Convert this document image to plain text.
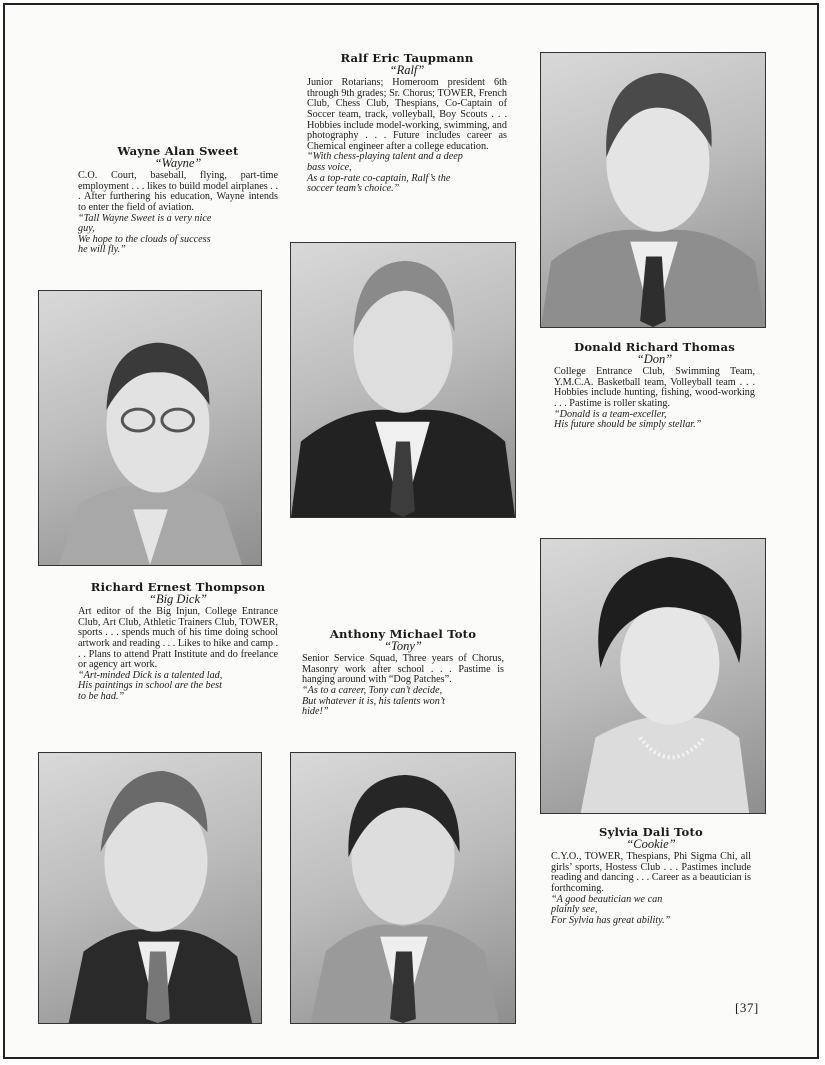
Wayne Alan Sweet
“Wayne”
C.O. Court, baseball, flying, part-time employment . . . likes to build model airplanes . . . After furthering his education, Wayne intends to enter the field of aviation.
“Tall Wayne Sweet is a very nice
guy,
We hope to the clouds of success
he will fly.”
Ralf Eric Taupmann
“Ralf”
Junior Rotarians; Homeroom president 6th through 9th grades; Sr. Chorus; TOWER, French Club, Chess Club, Thespians, Co-Captain of Soccer team, track, volleyball, Boy Scouts . . . Hobbies include model-working, swimming, and photography . . . Future includes career as Chemical engineer after a college education.
“With chess-playing talent and a deep
bass voice,
As a top-rate co-captain, Ralf’s the
soccer team’s choice.”
Donald Richard Thomas
“Don”
College Entrance Club, Swimming Team, Y.M.C.A. Basketball team, Volleyball team . . . Hobbies include hunting, fishing, wood-working . . . Pastime is roller skating.
“Donald is a team-exceller,
His future should be simply stellar.”
Richard Ernest Thompson
“Big Dick”
Art editor of the Big Injun, College Entrance Club, Art Club, Athletic Trainers Club, TOWER, sports . . . spends much of his time doing school artwork and reading . . . Likes to hike and camp . . . Plans to attend Pratt Institute and do freelance or agency art work.
“Art-minded Dick is a talented lad,
His paintings in school are the best
to be had.”
Anthony Michael Toto
“Tony”
Senior Service Squad, Three years of Chorus, Masonry work after school . . . Pastime is hanging around with “Dog Patches”.
“As to a career, Tony can’t decide,
But whatever it is, his talents won’t
hide!”
Sylvia Dali Toto
“Cookie”
C.Y.O., TOWER, Thespians, Phi Sigma Chi, all girls’ sports, Hostess Club . . . Pastimes include reading and dancing . . . Career as a beautician is forthcoming.
“A good beautician we can
plainly see,
For Sylvia has great ability.”
[37]
